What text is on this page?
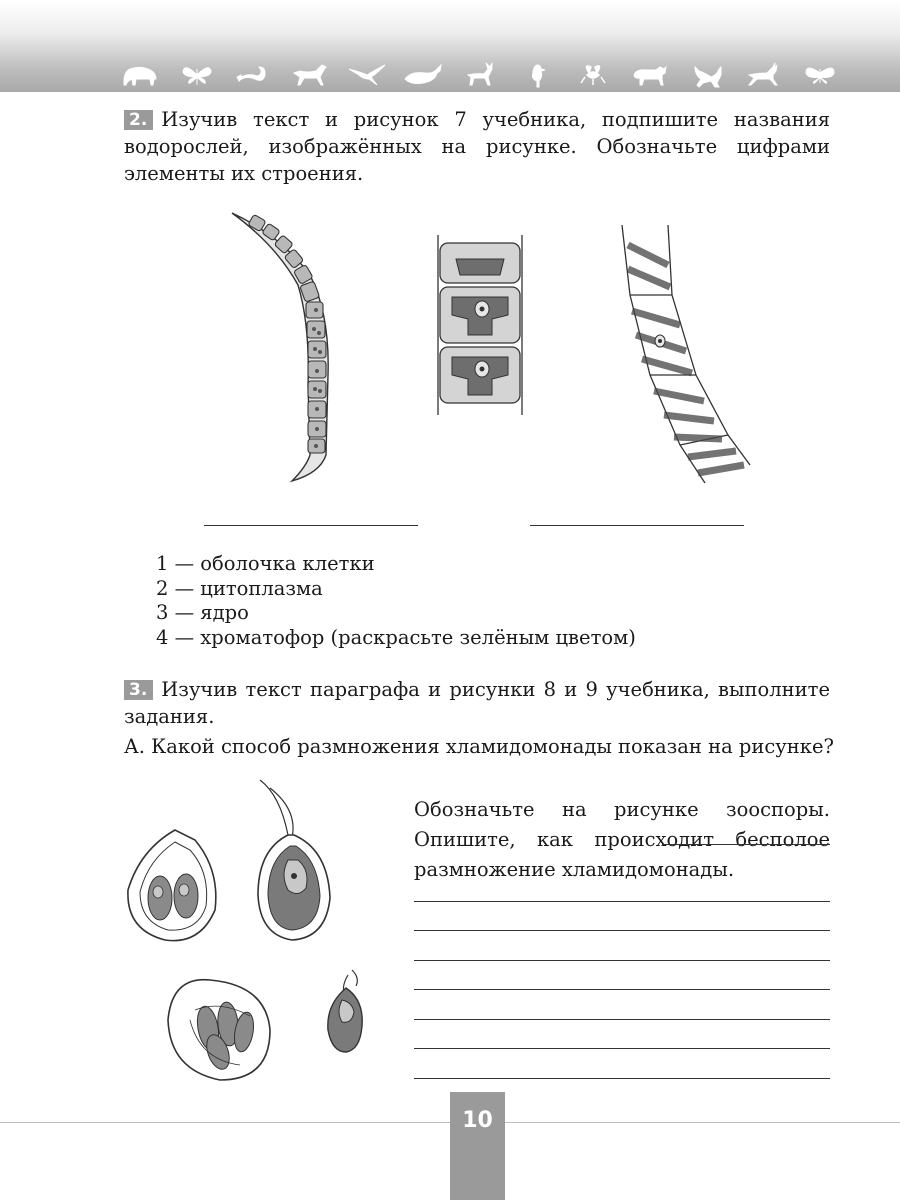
2. Изучив текст и рисунок 7 учебника, подпишите названия водорослей, изображённых на рисунке. Обозначьте цифрами элементы их строения.
1 — оболочка клетки
2 — цитоплазма
3 — ядро
4 — хроматофор (раскрасьте зелёным цветом)
3. Изучив текст параграфа и рисунки 8 и 9 учебника, выполните задания.
А. Какой способ размножения хламидомонады показан на рисунке?
Обозначьте на рисунке зооспоры. Опишите, как происходит бесполое размножение хламидомонады.
10
